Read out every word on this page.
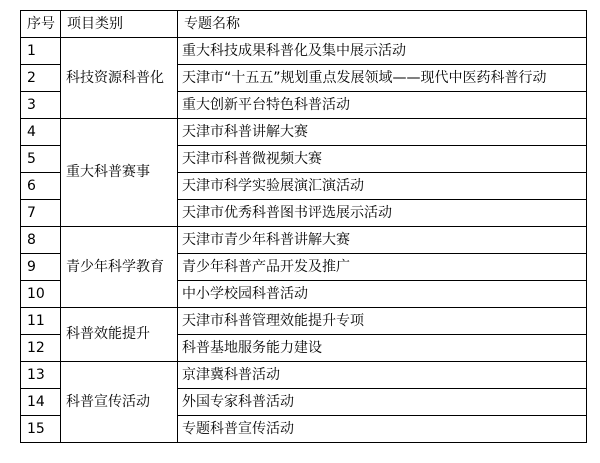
序号	项目类别	专题名称
1	科技资源科普化	重大科技成果科普化及集中展示活动
2		天津市“十五五”规划重点发展领域——现代中医药科普行动
3		重大创新平台特色科普活动
4	重大科普赛事	天津市科普讲解大赛
5		天津市科普微视频大赛
6		天津市科学实验展演汇演活动
7		天津市优秀科普图书评选展示活动
8	青少年科学教育	天津市青少年科普讲解大赛
9		青少年科普产品开发及推广
10		中小学校园科普活动
11	科普效能提升	天津市科普管理效能提升专项
12		科普基地服务能力建设
13	科普宣传活动	京津冀科普活动
14		外国专家科普活动
15		专题科普宣传活动
